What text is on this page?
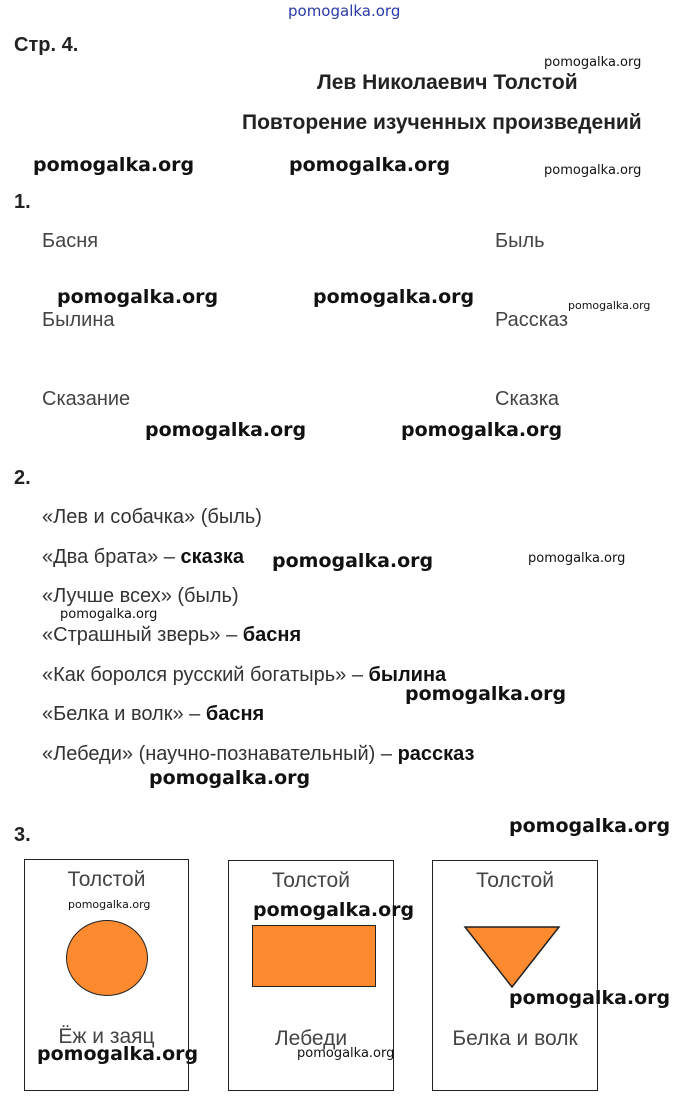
pomogalka.org
Стр. 4.
Лев Николаевич Толстой
Повторение изученных произведений
pomogalka.org
pomogalka.org	pomogalka.org	pomogalka.org
1.
Басня	Быль
Былина	Рассказ
Сказание	Сказка
pomogalka.org	pomogalka.org	pomogalka.org
pomogalka.org	pomogalka.org
2.
«Лев и собачка» (быль)
«Два брата» – сказка
«Лучше всех» (быль)
«Страшный зверь» – басня
«Как боролся русский богатырь» – былина
«Белка и волк» – басня
«Лебеди» (научно-познавательный) – рассказ
pomogalka.org	pomogalka.org
pomogalka.org
pomogalka.org
pomogalka.org
3.	pomogalka.org
Толстой
Ёж и заяц
Толстой
Лебеди
Толстой
Белка и волк
pomogalka.org	pomogalka.org
pomogalka.org
pomogalka.org	pomogalka.org
